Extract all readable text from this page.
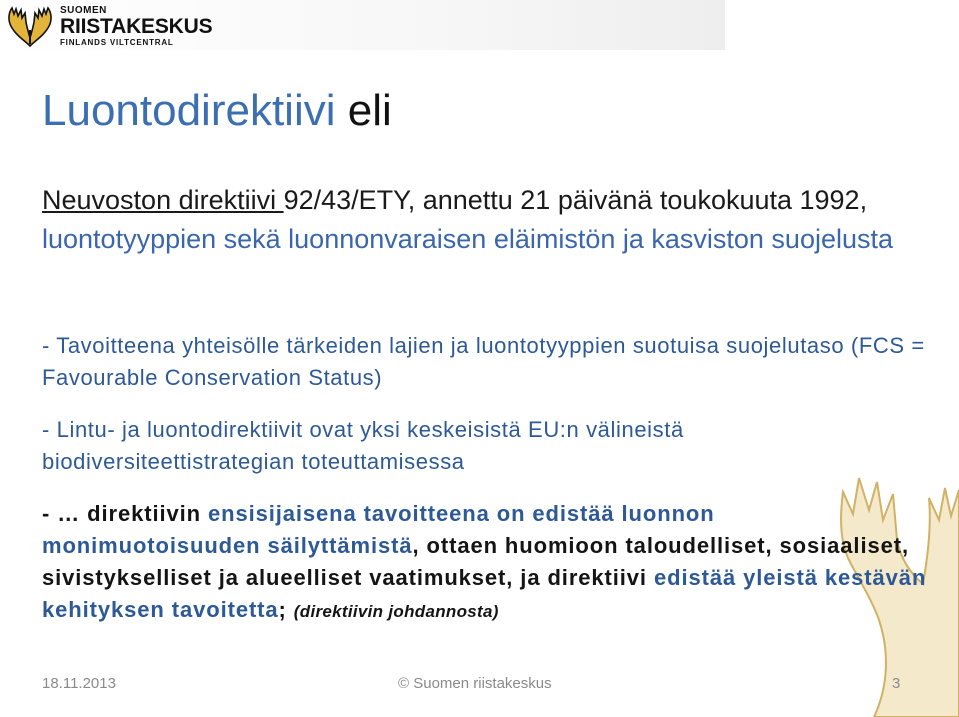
SUOMEN
RIISTAKESKUS
FINLANDS VILTCENTRAL
Luontodirektiivi eli
Neuvoston direktiivi 92/43/ETY, annettu 21 päivänä toukokuuta 1992, luontotyyppien sekä luonnonvaraisen eläimistön ja kasviston suojelusta
- Tavoitteena yhteisölle tärkeiden lajien ja luontotyyppien suotuisa suojelutaso (FCS = Favourable Conservation Status)
- Lintu- ja luontodirektiivit ovat yksi keskeisistä EU:n välineistä biodiversiteettistrategian toteuttamisessa
- … direktiivin ensisijaisena tavoitteena on edistää luonnon monimuotoisuuden säilyttämistä, ottaen huomioon taloudelliset, sosiaaliset, sivistykselliset ja alueelliset vaatimukset, ja direktiivi edistää yleistä kestävän kehityksen tavoitetta; (direktiivin johdannosta)
18.11.2013	© Suomen riistakeskus	3
